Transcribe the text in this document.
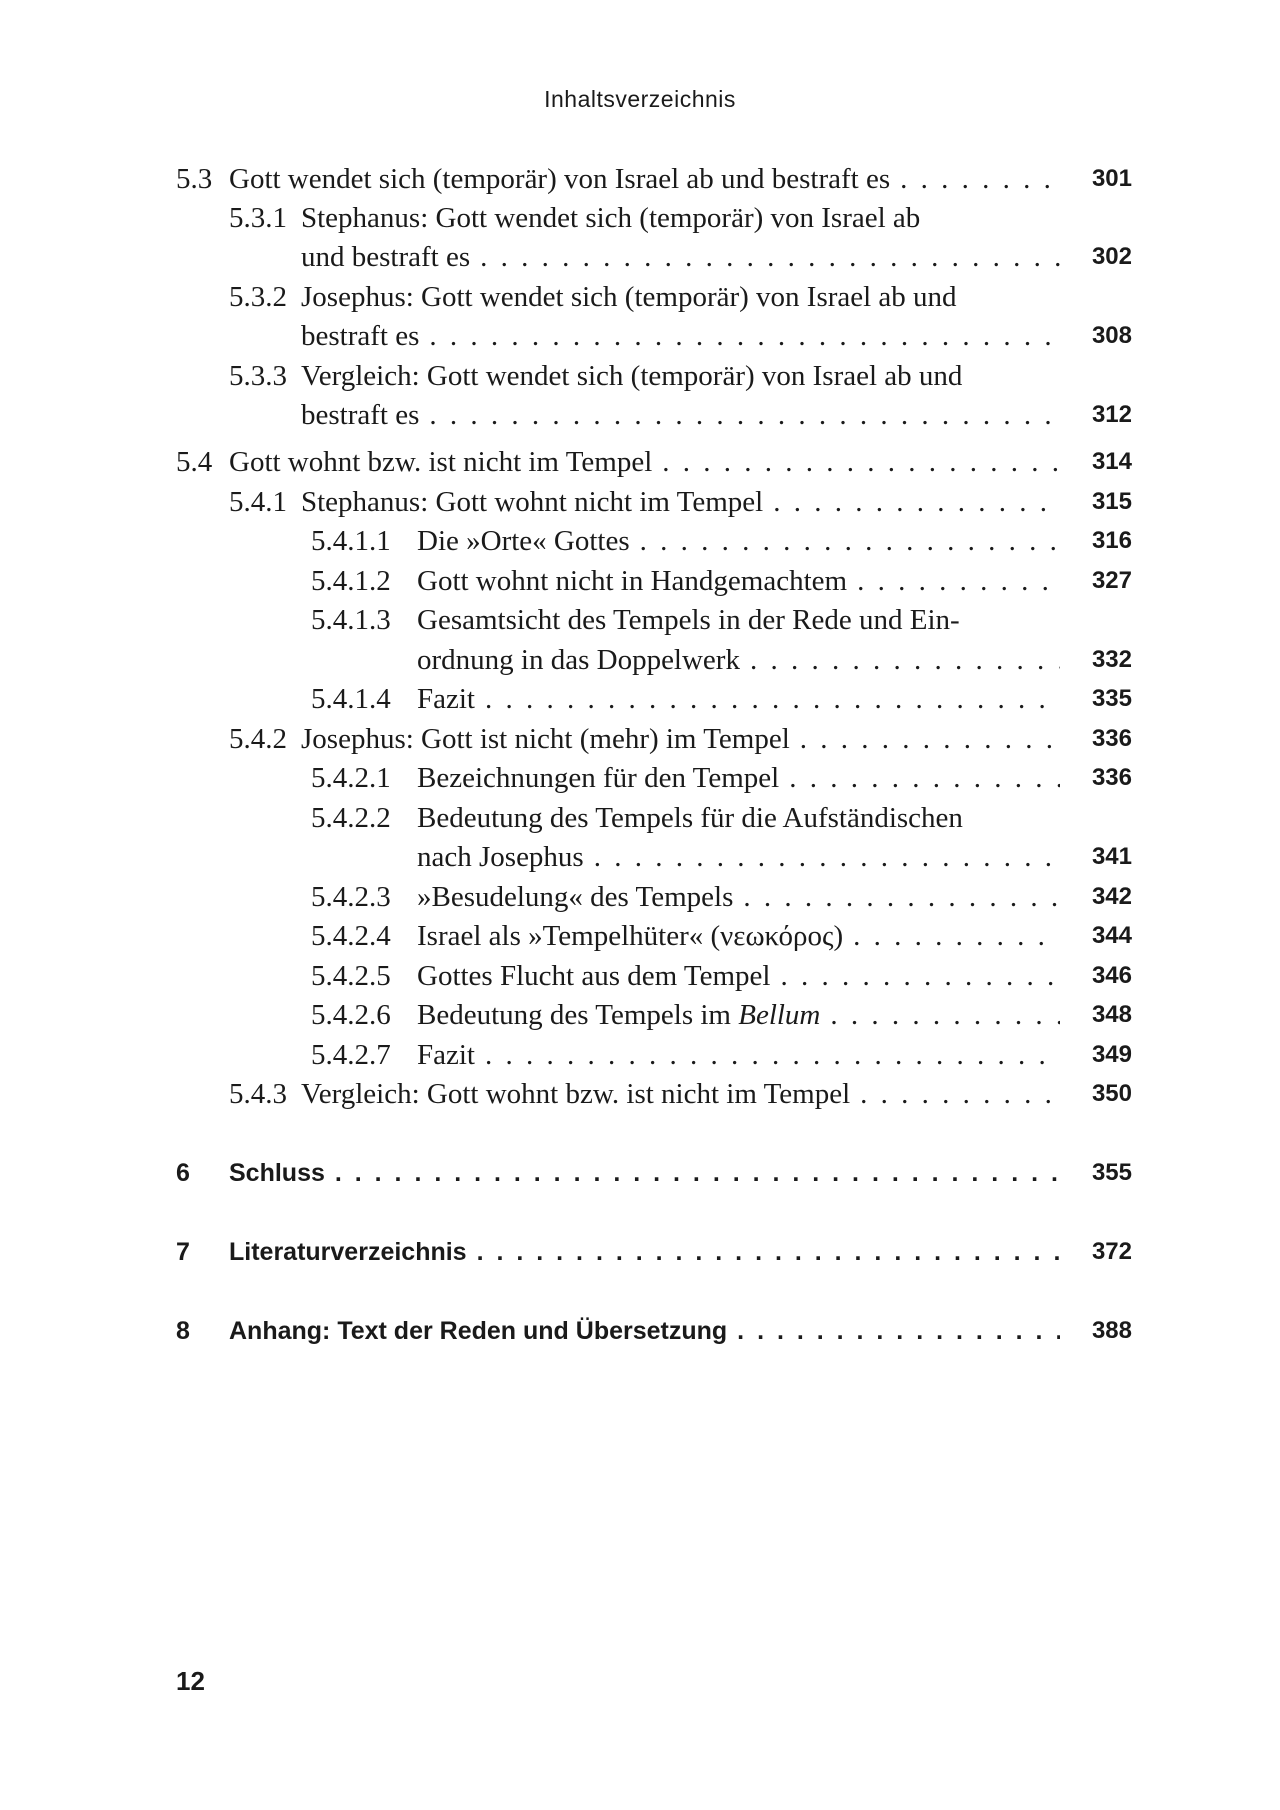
Inhaltsverzeichnis
5.3 Gott wendet sich (temporär) von Israel ab und bestraft es . . .	301
5.3.1 Stephanus: Gott wendet sich (temporär) von Israel ab
und bestraft es . . .	302
5.3.2 Josephus: Gott wendet sich (temporär) von Israel ab und
bestraft es . . .	308
5.3.3 Vergleich: Gott wendet sich (temporär) von Israel ab und
bestraft es . . .	312
5.4 Gott wohnt bzw. ist nicht im Tempel . . .	314
5.4.1 Stephanus: Gott wohnt nicht im Tempel . . .	315
5.4.1.1 Die »Orte« Gottes . . .	316
5.4.1.2 Gott wohnt nicht in Handgemachtem . . .	327
5.4.1.3 Gesamtsicht des Tempels in der Rede und Ein-
ordnung in das Doppelwerk . . .	332
5.4.1.4 Fazit . . .	335
5.4.2 Josephus: Gott ist nicht (mehr) im Tempel . . .	336
5.4.2.1 Bezeichnungen für den Tempel . . .	336
5.4.2.2 Bedeutung des Tempels für die Aufständischen
nach Josephus . . .	341
5.4.2.3 »Besudelung« des Tempels . . .	342
5.4.2.4 Israel als »Tempelhüter« (νεωκόρος) . . .	344
5.4.2.5 Gottes Flucht aus dem Tempel . . .	346
5.4.2.6 Bedeutung des Tempels im Bellum . . .	348
5.4.2.7 Fazit . . .	349
5.4.3 Vergleich: Gott wohnt bzw. ist nicht im Tempel . . .	350
6 Schluss . . .	355
7 Literaturverzeichnis . . .	372
8 Anhang: Text der Reden und Übersetzung . . .	388
12
